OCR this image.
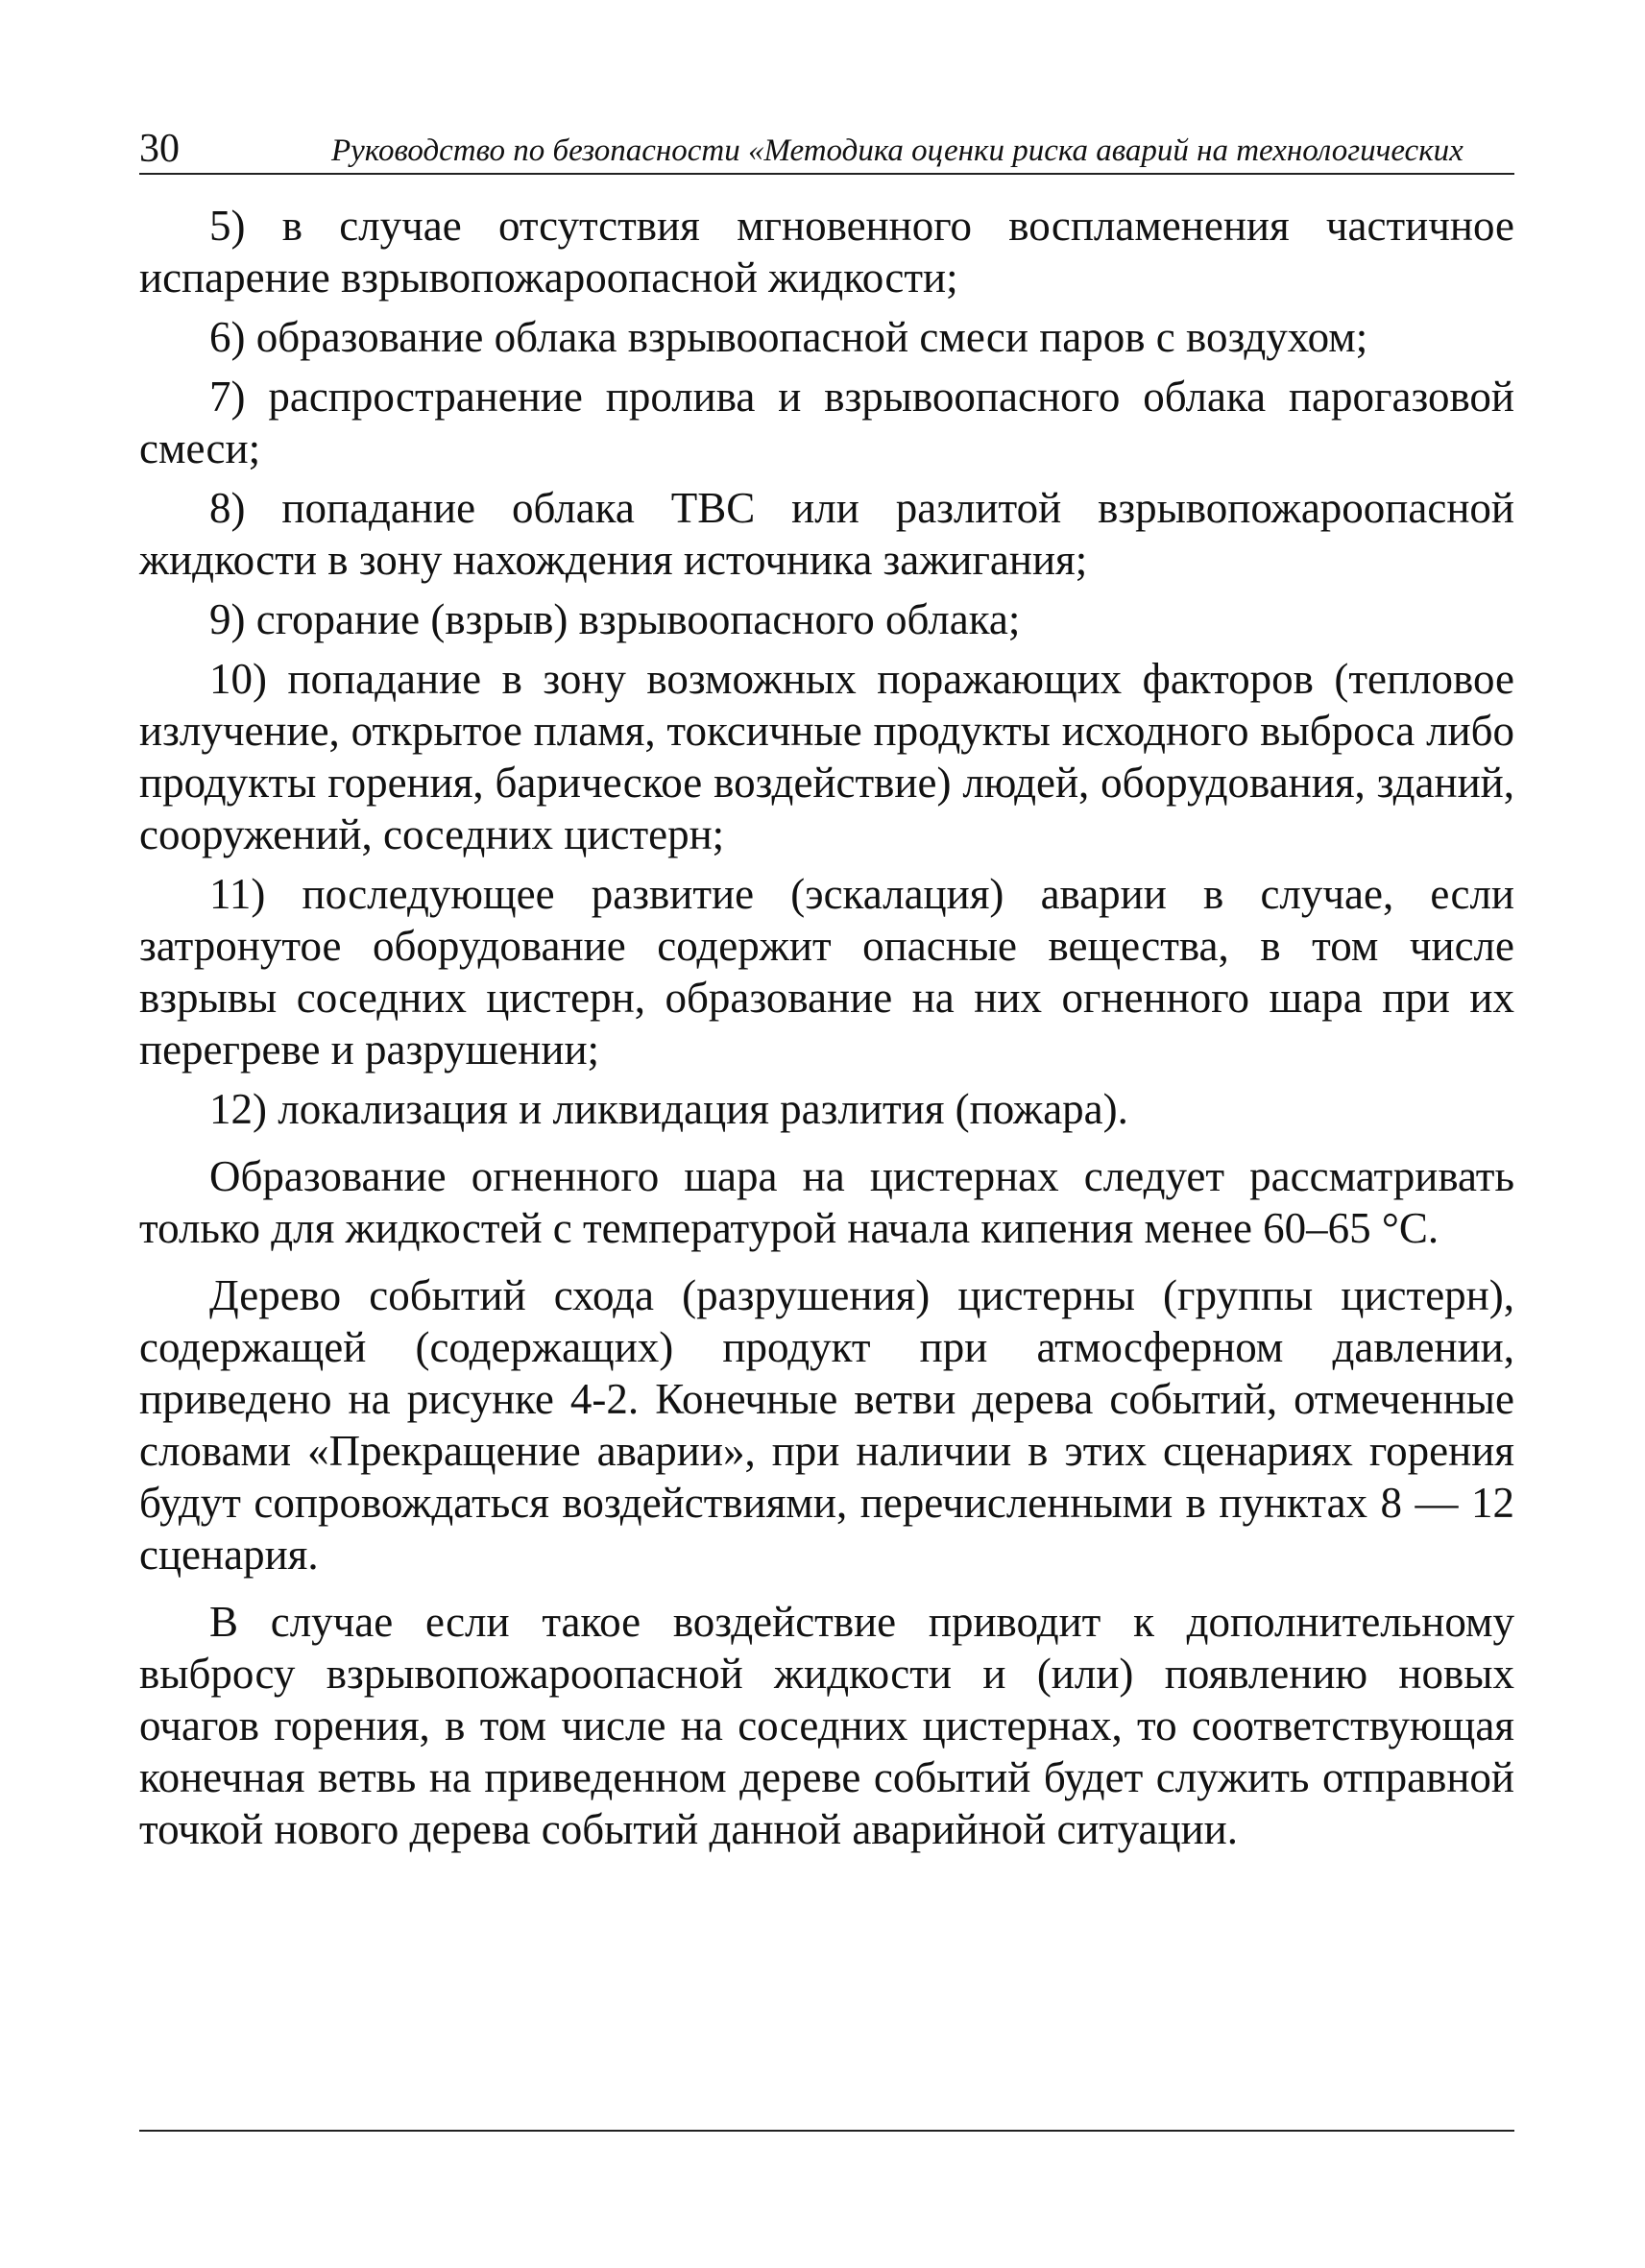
30	Руководство по безопасности «Методика оценки риска аварий на технологических

5) в случае отсутствия мгновенного воспламенения частичное испарение взрывопожароопасной жидкости;

6) образование облака взрывоопасной смеси паров с воздухом;

7) распространение пролива и взрывоопасного облака парогазовой смеси;

8) попадание облака ТВС или разлитой взрывопожароопасной жидкости в зону нахождения источника зажигания;

9) сгорание (взрыв) взрывоопасного облака;

10) попадание в зону возможных поражающих факторов (тепловое излучение, открытое пламя, токсичные продукты исходного выброса либо продукты горения, барическое воздействие) людей, оборудования, зданий, сооружений, соседних цистерн;

11) последующее развитие (эскалация) аварии в случае, если затронутое оборудование содержит опасные вещества, в том числе взрывы соседних цистерн, образование на них огненного шара при их перегреве и разрушении;

12) локализация и ликвидация разлития (пожара).

Образование огненного шара на цистернах следует рассматривать только для жидкостей с температурой начала кипения менее 60–65 °С.

Дерево событий схода (разрушения) цистерны (группы цистерн), содержащей (содержащих) продукт при атмосферном давлении, приведено на рисунке 4-2. Конечные ветви дерева событий, отмеченные словами «Прекращение аварии», при наличии в этих сценариях горения будут сопровождаться воздействиями, перечисленными в пунктах 8 — 12 сценария.

В случае если такое воздействие приводит к дополнительному выбросу взрывопожароопасной жидкости и (или) появлению новых очагов горения, в том числе на соседних цистернах, то соответствующая конечная ветвь на приведенном дереве событий будет служить отправной точкой нового дерева событий данной аварийной ситуации.
